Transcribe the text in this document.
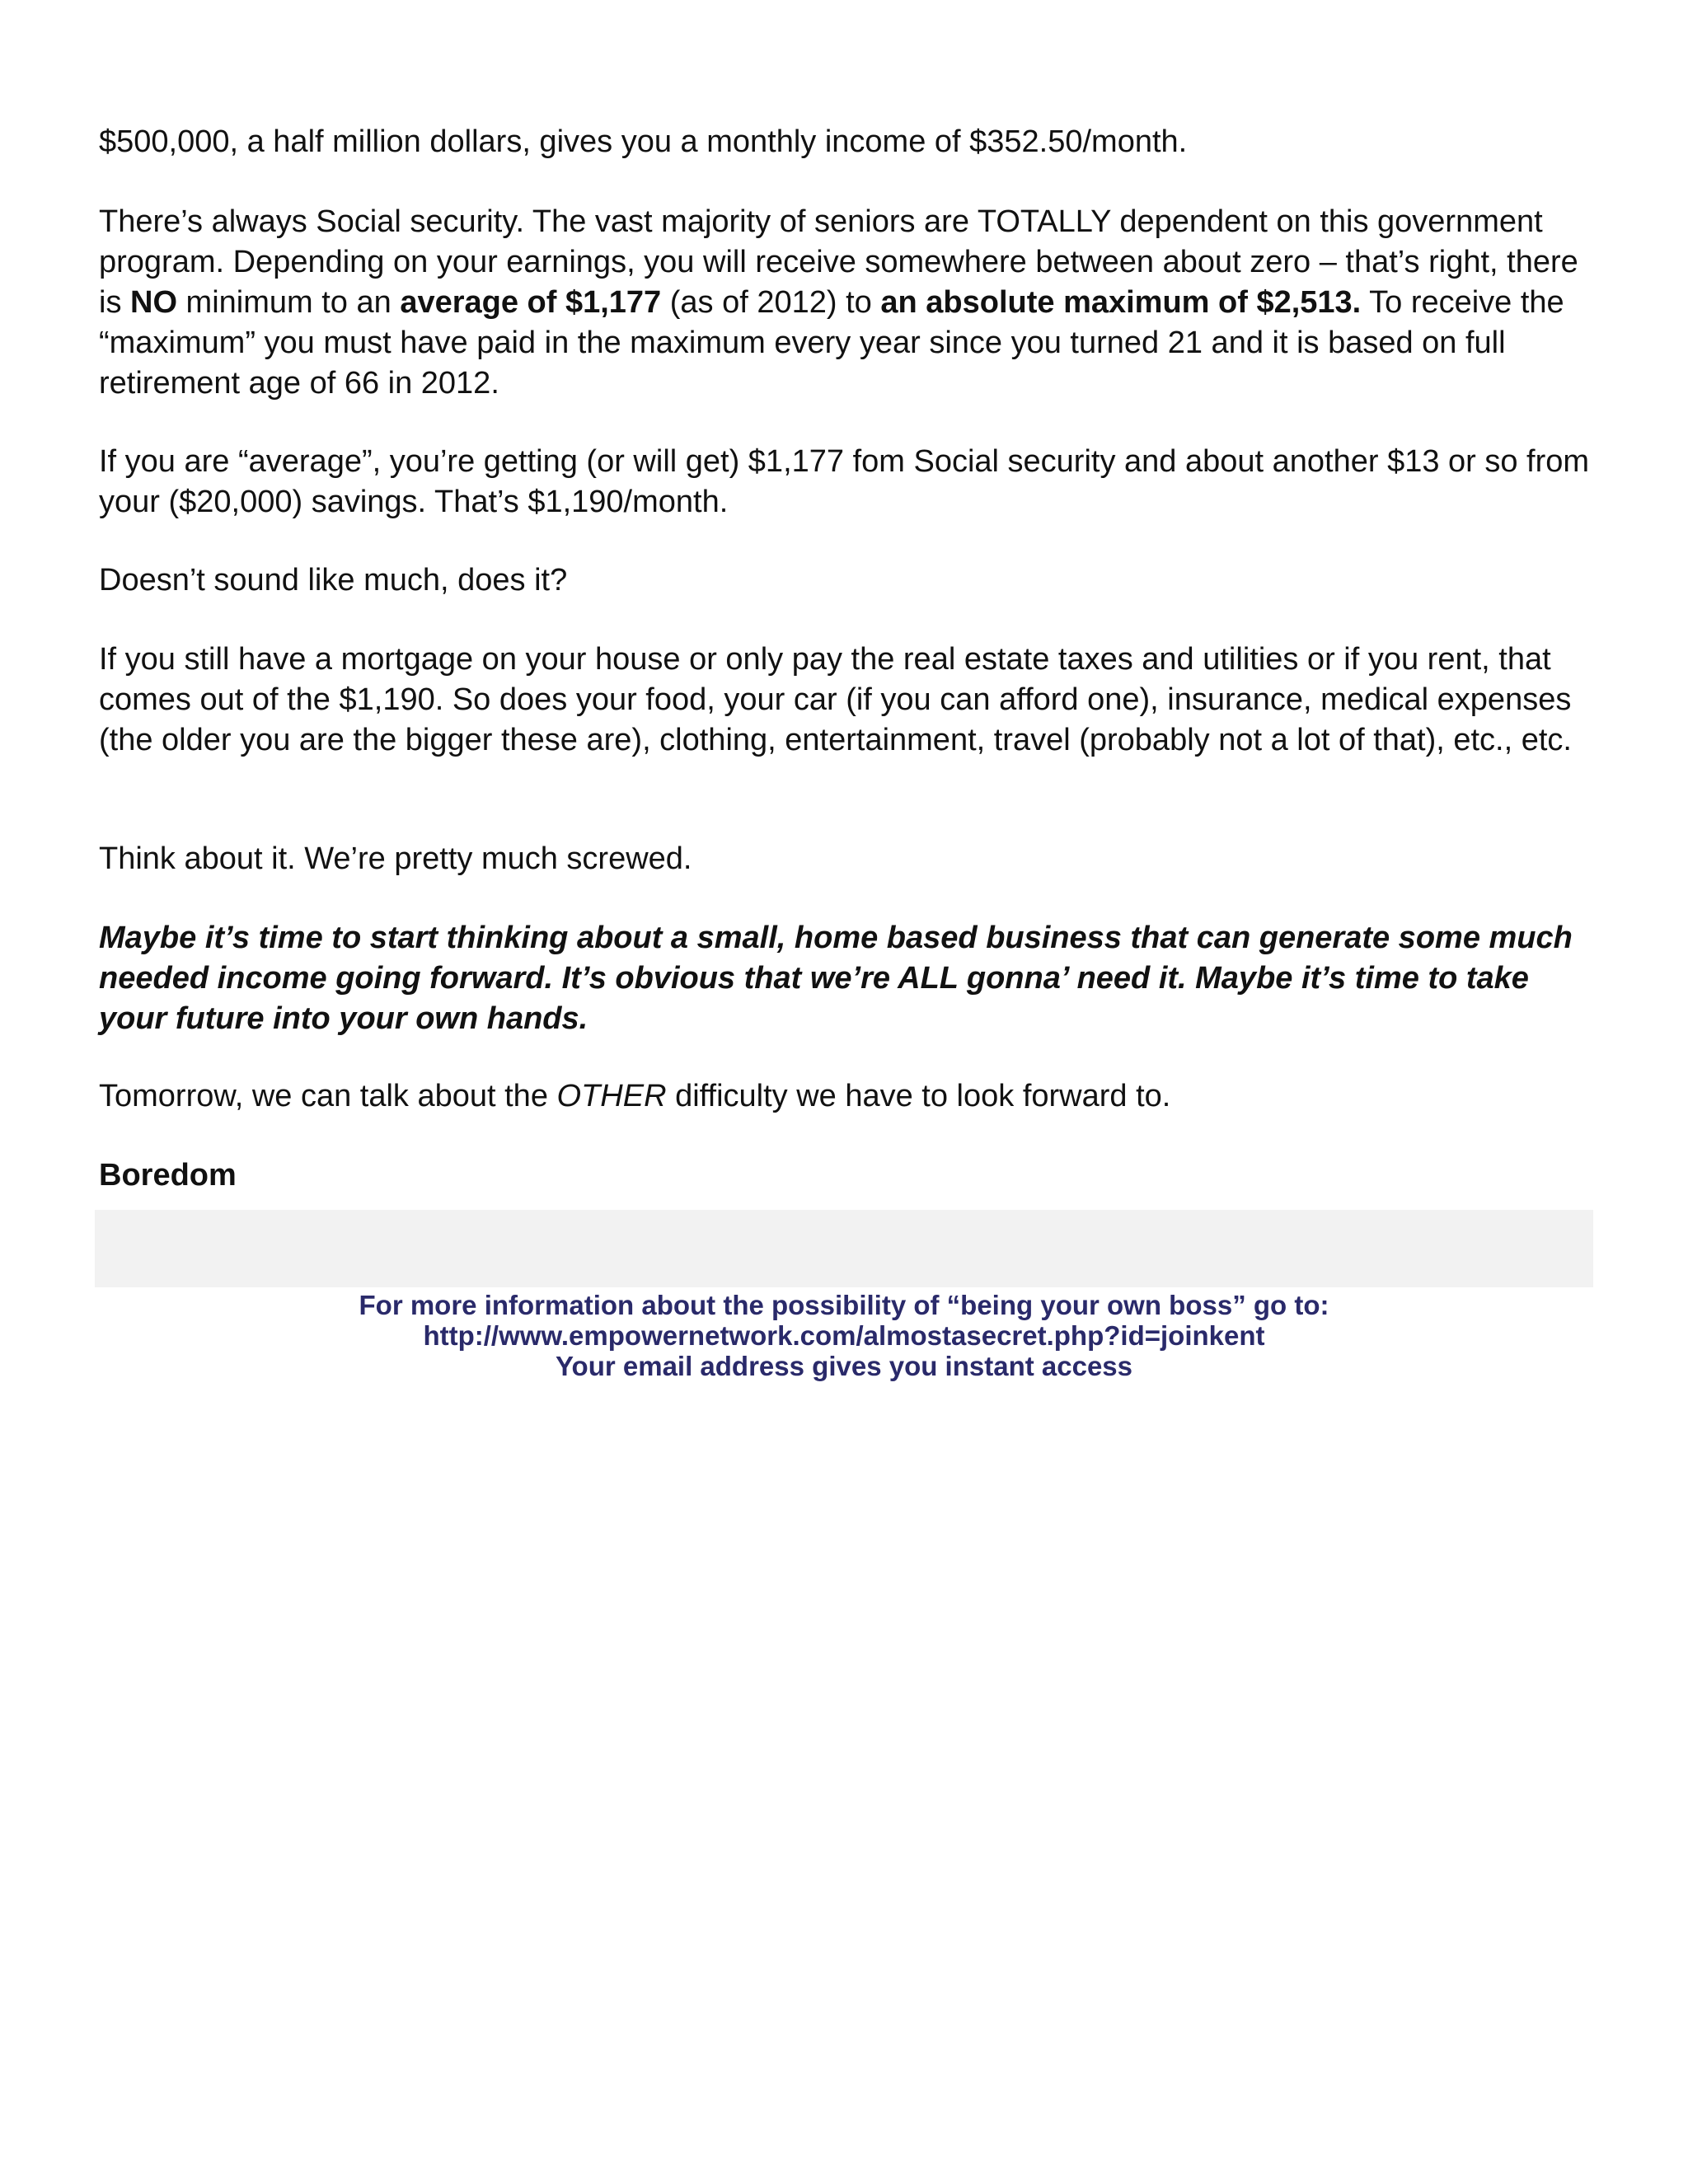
$500,000, a half million dollars, gives you a monthly income of $352.50/month.

There’s always Social security. The vast majority of seniors are TOTALLY dependent on this government program. Depending on your earnings, you will receive somewhere between about zero – that’s right, there is NO minimum to an average of $1,177 (as of 2012) to an absolute maximum of $2,513. To receive the “maximum” you must have paid in the maximum every year since you turned 21 and it is based on full retirement age of 66 in 2012.

If you are “average”, you’re getting (or will get) $1,177 fom Social security and about another $13 or so from your ($20,000) savings. That’s $1,190/month.

Doesn’t sound like much, does it?

If you still have a mortgage on your house or only pay the real estate taxes and utilities or if you rent, that comes out of the $1,190. So does your food, your car (if you can afford one), insurance, medical expenses (the older you are the bigger these are), clothing, entertainment, travel (probably not a lot of that), etc., etc.

Think about it. We’re pretty much screwed.

Maybe it’s time to start thinking about a small, home based business that can generate some much needed income going forward. It’s obvious that we’re ALL gonna’ need it. Maybe it’s time to take your future into your own hands.

Tomorrow, we can talk about the OTHER difficulty we have to look forward to.

Boredom

For more information about the possibility of “being your own boss” go to:
http://www.empowernetwork.com/almostasecret.php?id=joinkent
Your email address gives you instant access
